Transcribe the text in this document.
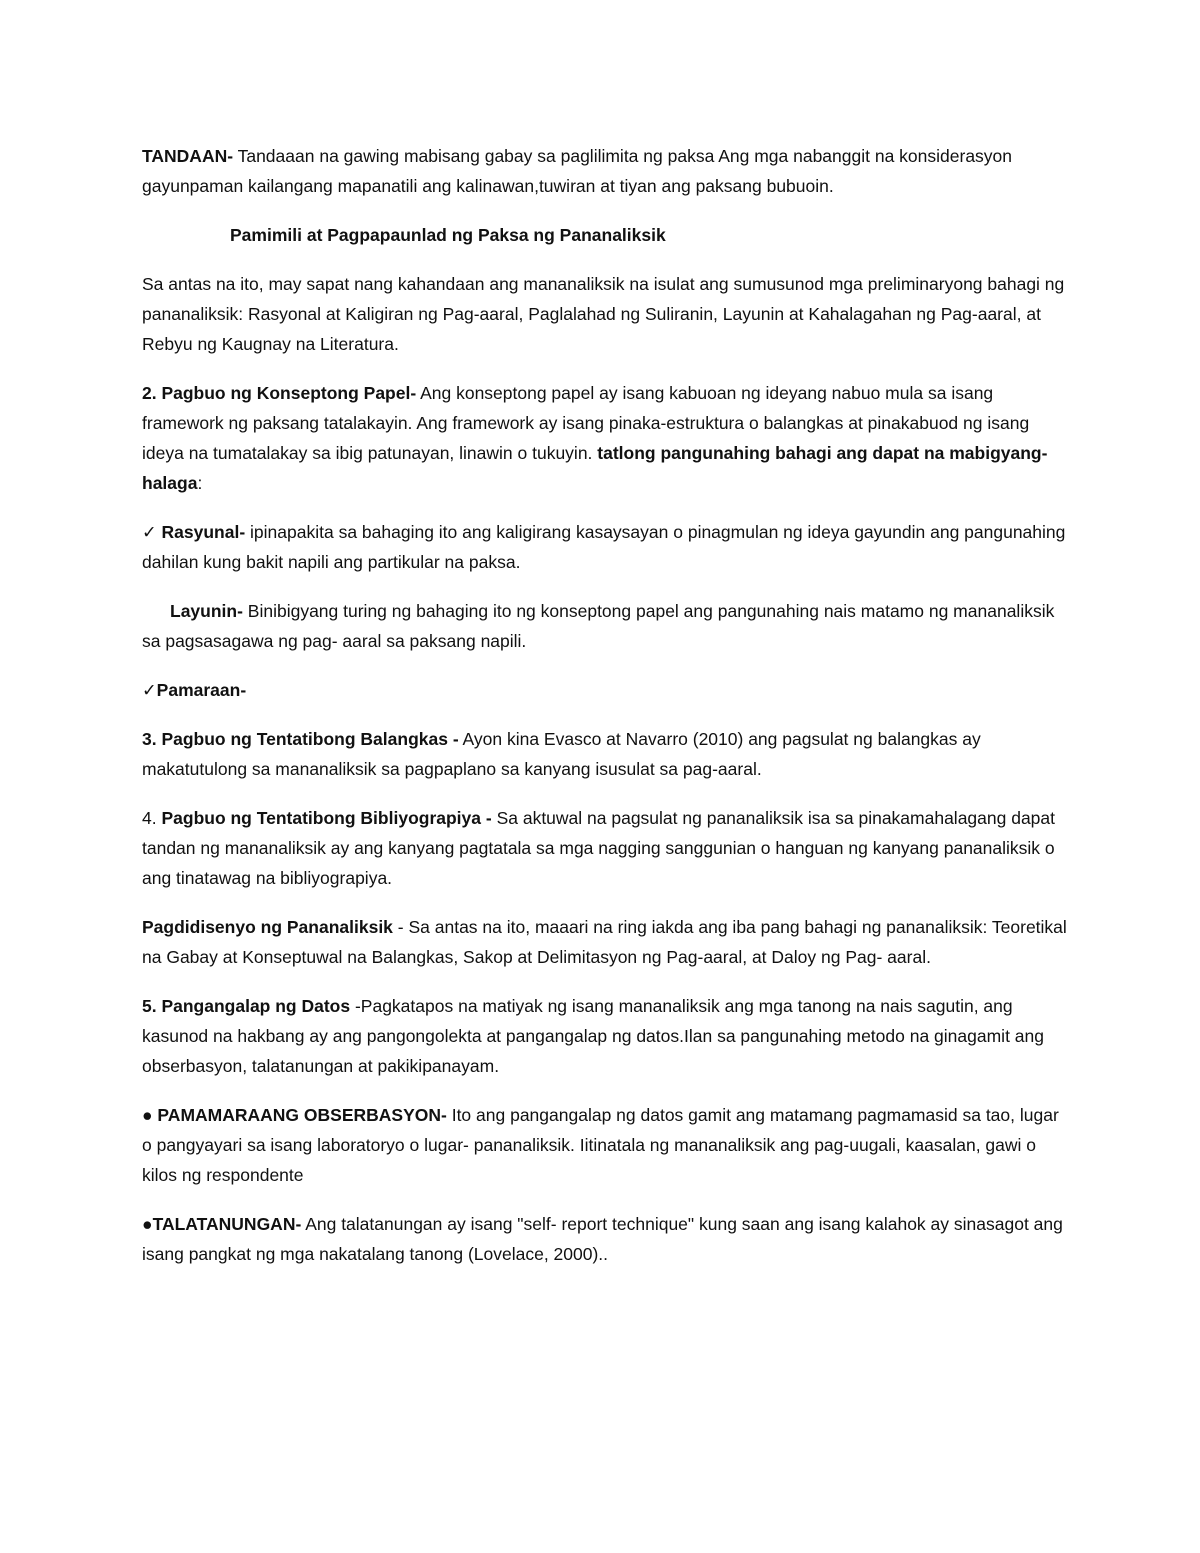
TANDAAN- Tandaaan na gawing mabisang gabay sa paglilimita ng paksa Ang mga nabanggit na konsiderasyon gayunpaman kailangang mapanatili ang kalinawan,tuwiran at tiyan ang paksang bubuoin.

Pamimili at Pagpapaunlad ng Paksa ng Pananaliksik

Sa antas na ito, may sapat nang kahandaan ang mananaliksik na isulat ang sumusunod mga preliminaryong bahagi ng pananaliksik: Rasyonal at Kaligiran ng Pag-aaral, Paglalahad ng Suliranin, Layunin at Kahalagahan ng Pag-aaral, at Rebyu ng Kaugnay na Literatura.

2. Pagbuo ng Konseptong Papel- Ang konseptong papel ay isang kabuoan ng ideyang nabuo mula sa isang framework ng paksang tatalakayin. Ang framework ay isang pinaka-estruktura o balangkas at pinakabuod ng isang ideya na tumatalakay sa ibig patunayan, linawin o tukuyin. tatlong pangunahing bahagi ang dapat na mabigyang- halaga:

✓ Rasyunal- ipinapakita sa bahaging ito ang kaligirang kasaysayan o pinagmulan ng ideya gayundin ang pangunahing dahilan kung bakit napili ang partikular na paksa.

Layunin- Binibigyang turing ng bahaging ito ng konseptong papel ang pangunahing nais matamo ng mananaliksik sa pagsasagawa ng pag- aaral sa paksang napili.

✓Pamaraan-

3. Pagbuo ng Tentatibong Balangkas - Ayon kina Evasco at Navarro (2010) ang pagsulat ng balangkas ay makatutulong sa mananaliksik sa pagpaplano sa kanyang isusulat sa pag-aaral.

4. Pagbuo ng Tentatibong Bibliyograpiya - Sa aktuwal na pagsulat ng pananaliksik isa sa pinakamahalagang dapat tandan ng mananaliksik ay ang kanyang pagtatala sa mga nagging sanggunian o hanguan ng kanyang pananaliksik o ang tinatawag na bibliyograpiya.

Pagdidisenyo ng Pananaliksik - Sa antas na ito, maaari na ring iakda ang iba pang bahagi ng pananaliksik: Teoretikal na Gabay at Konseptuwal na Balangkas, Sakop at Delimitasyon ng Pag-aaral, at Daloy ng Pag- aaral.

5. Pangangalap ng Datos -Pagkatapos na matiyak ng isang mananaliksik ang mga tanong na nais sagutin, ang kasunod na hakbang ay ang pangongolekta at pangangalap ng datos.Ilan sa pangunahing metodo na ginagamit ang obserbasyon, talatanungan at pakikipanayam.

● PAMAMARAANG OBSERBASYON- Ito ang pangangalap ng datos gamit ang matamang pagmamasid sa tao, lugar o pangyayari sa isang laboratoryo o lugar- pananaliksik. Iitinatala ng mananaliksik ang pag-uugali, kaasalan, gawi o kilos ng respondente

●TALATANUNGAN- Ang talatanungan ay isang "self- report technique" kung saan ang isang kalahok ay sinasagot ang isang pangkat ng mga nakatalang tanong (Lovelace, 2000)..
